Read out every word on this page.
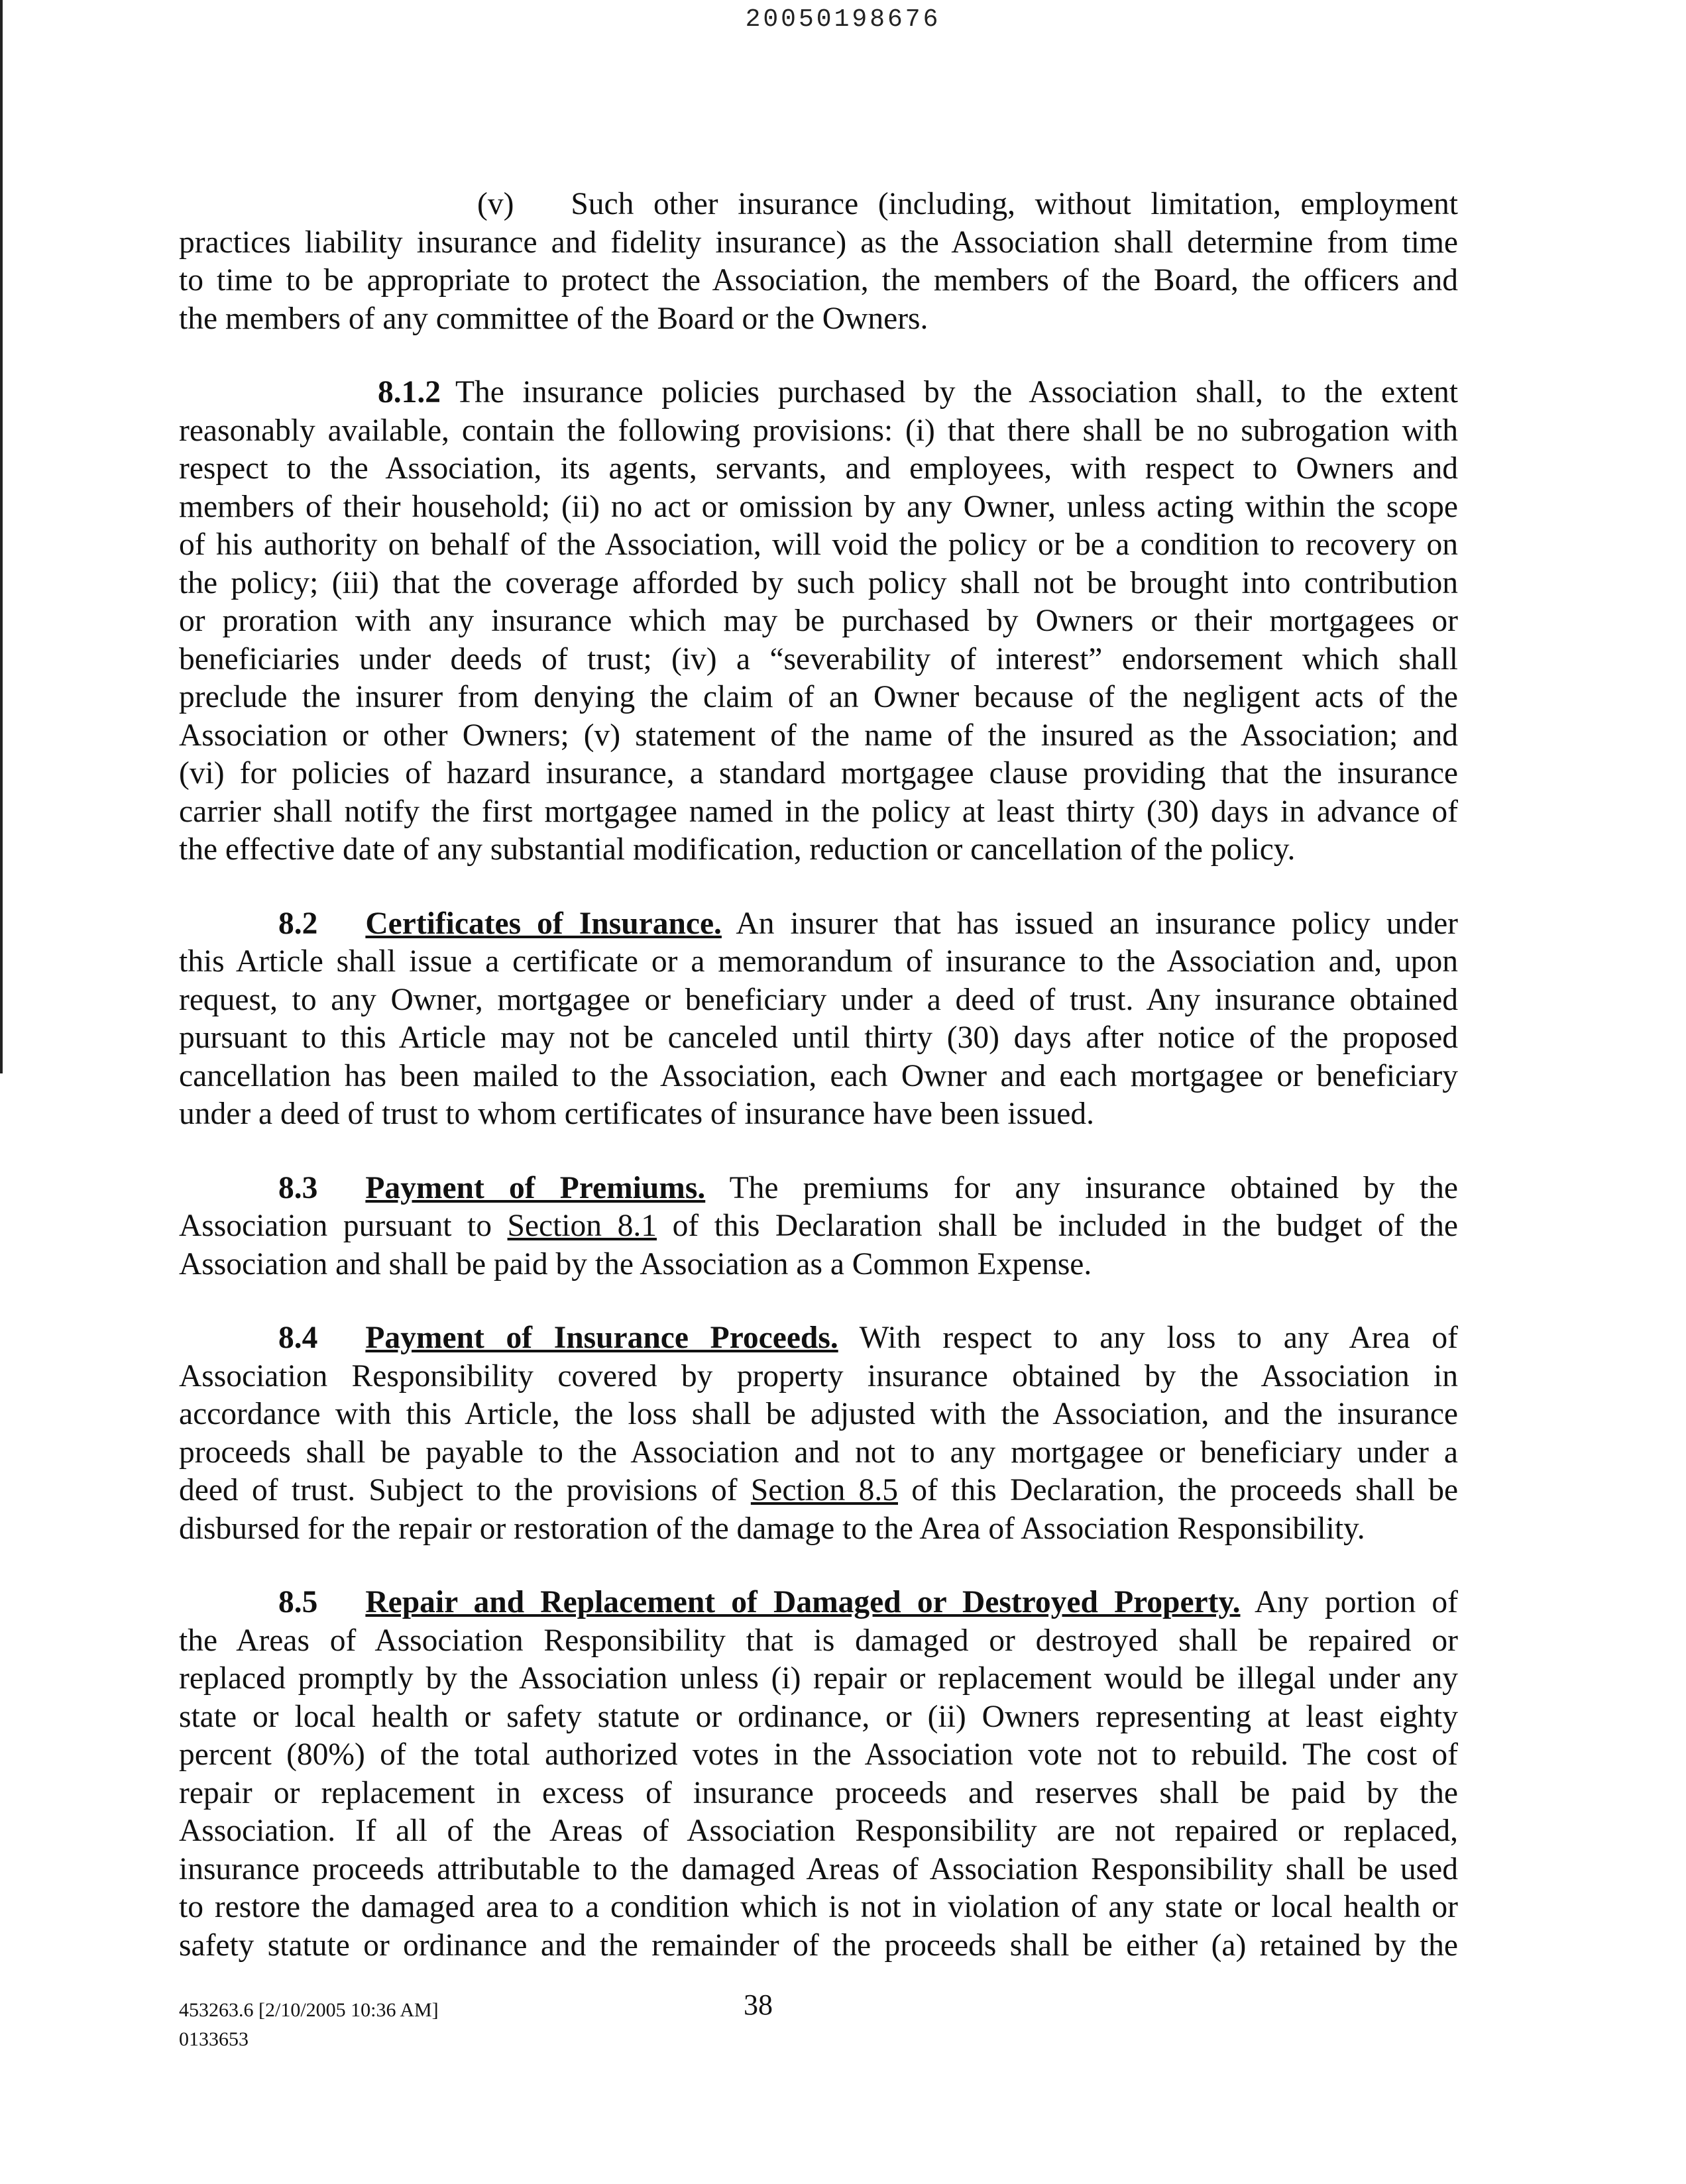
20050198676
(v) Such other insurance (including, without limitation, employment
practices liability insurance and fidelity insurance) as the Association shall determine from time
to time to be appropriate to protect the Association, the members of the Board, the officers and
the members of any committee of the Board or the Owners.
8.1.2 The insurance policies purchased by the Association shall, to the extent
reasonably available, contain the following provisions: (i) that there shall be no subrogation with
respect to the Association, its agents, servants, and employees, with respect to Owners and
members of their household; (ii) no act or omission by any Owner, unless acting within the scope
of his authority on behalf of the Association, will void the policy or be a condition to recovery on
the policy; (iii) that the coverage afforded by such policy shall not be brought into contribution
or proration with any insurance which may be purchased by Owners or their mortgagees or
beneficiaries under deeds of trust; (iv) a “severability of interest” endorsement which shall
preclude the insurer from denying the claim of an Owner because of the negligent acts of the
Association or other Owners; (v) statement of the name of the insured as the Association; and
(vi) for policies of hazard insurance, a standard mortgagee clause providing that the insurance
carrier shall notify the first mortgagee named in the policy at least thirty (30) days in advance of
the effective date of any substantial modification, reduction or cancellation of the policy.
8.2 Certificates of Insurance. An insurer that has issued an insurance policy under
this Article shall issue a certificate or a memorandum of insurance to the Association and, upon
request, to any Owner, mortgagee or beneficiary under a deed of trust. Any insurance obtained
pursuant to this Article may not be canceled until thirty (30) days after notice of the proposed
cancellation has been mailed to the Association, each Owner and each mortgagee or beneficiary
under a deed of trust to whom certificates of insurance have been issued.
8.3 Payment of Premiums. The premiums for any insurance obtained by the
Association pursuant to Section 8.1 of this Declaration shall be included in the budget of the
Association and shall be paid by the Association as a Common Expense.
8.4 Payment of Insurance Proceeds. With respect to any loss to any Area of
Association Responsibility covered by property insurance obtained by the Association in
accordance with this Article, the loss shall be adjusted with the Association, and the insurance
proceeds shall be payable to the Association and not to any mortgagee or beneficiary under a
deed of trust. Subject to the provisions of Section 8.5 of this Declaration, the proceeds shall be
disbursed for the repair or restoration of the damage to the Area of Association Responsibility.
8.5 Repair and Replacement of Damaged or Destroyed Property. Any portion of
the Areas of Association Responsibility that is damaged or destroyed shall be repaired or
replaced promptly by the Association unless (i) repair or replacement would be illegal under any
state or local health or safety statute or ordinance, or (ii) Owners representing at least eighty
percent (80%) of the total authorized votes in the Association vote not to rebuild. The cost of
repair or replacement in excess of insurance proceeds and reserves shall be paid by the
Association. If all of the Areas of Association Responsibility are not repaired or replaced,
insurance proceeds attributable to the damaged Areas of Association Responsibility shall be used
to restore the damaged area to a condition which is not in violation of any state or local health or
safety statute or ordinance and the remainder of the proceeds shall be either (a) retained by the
453263.6 [2/10/2005 10:36 AM]
0133653
38
